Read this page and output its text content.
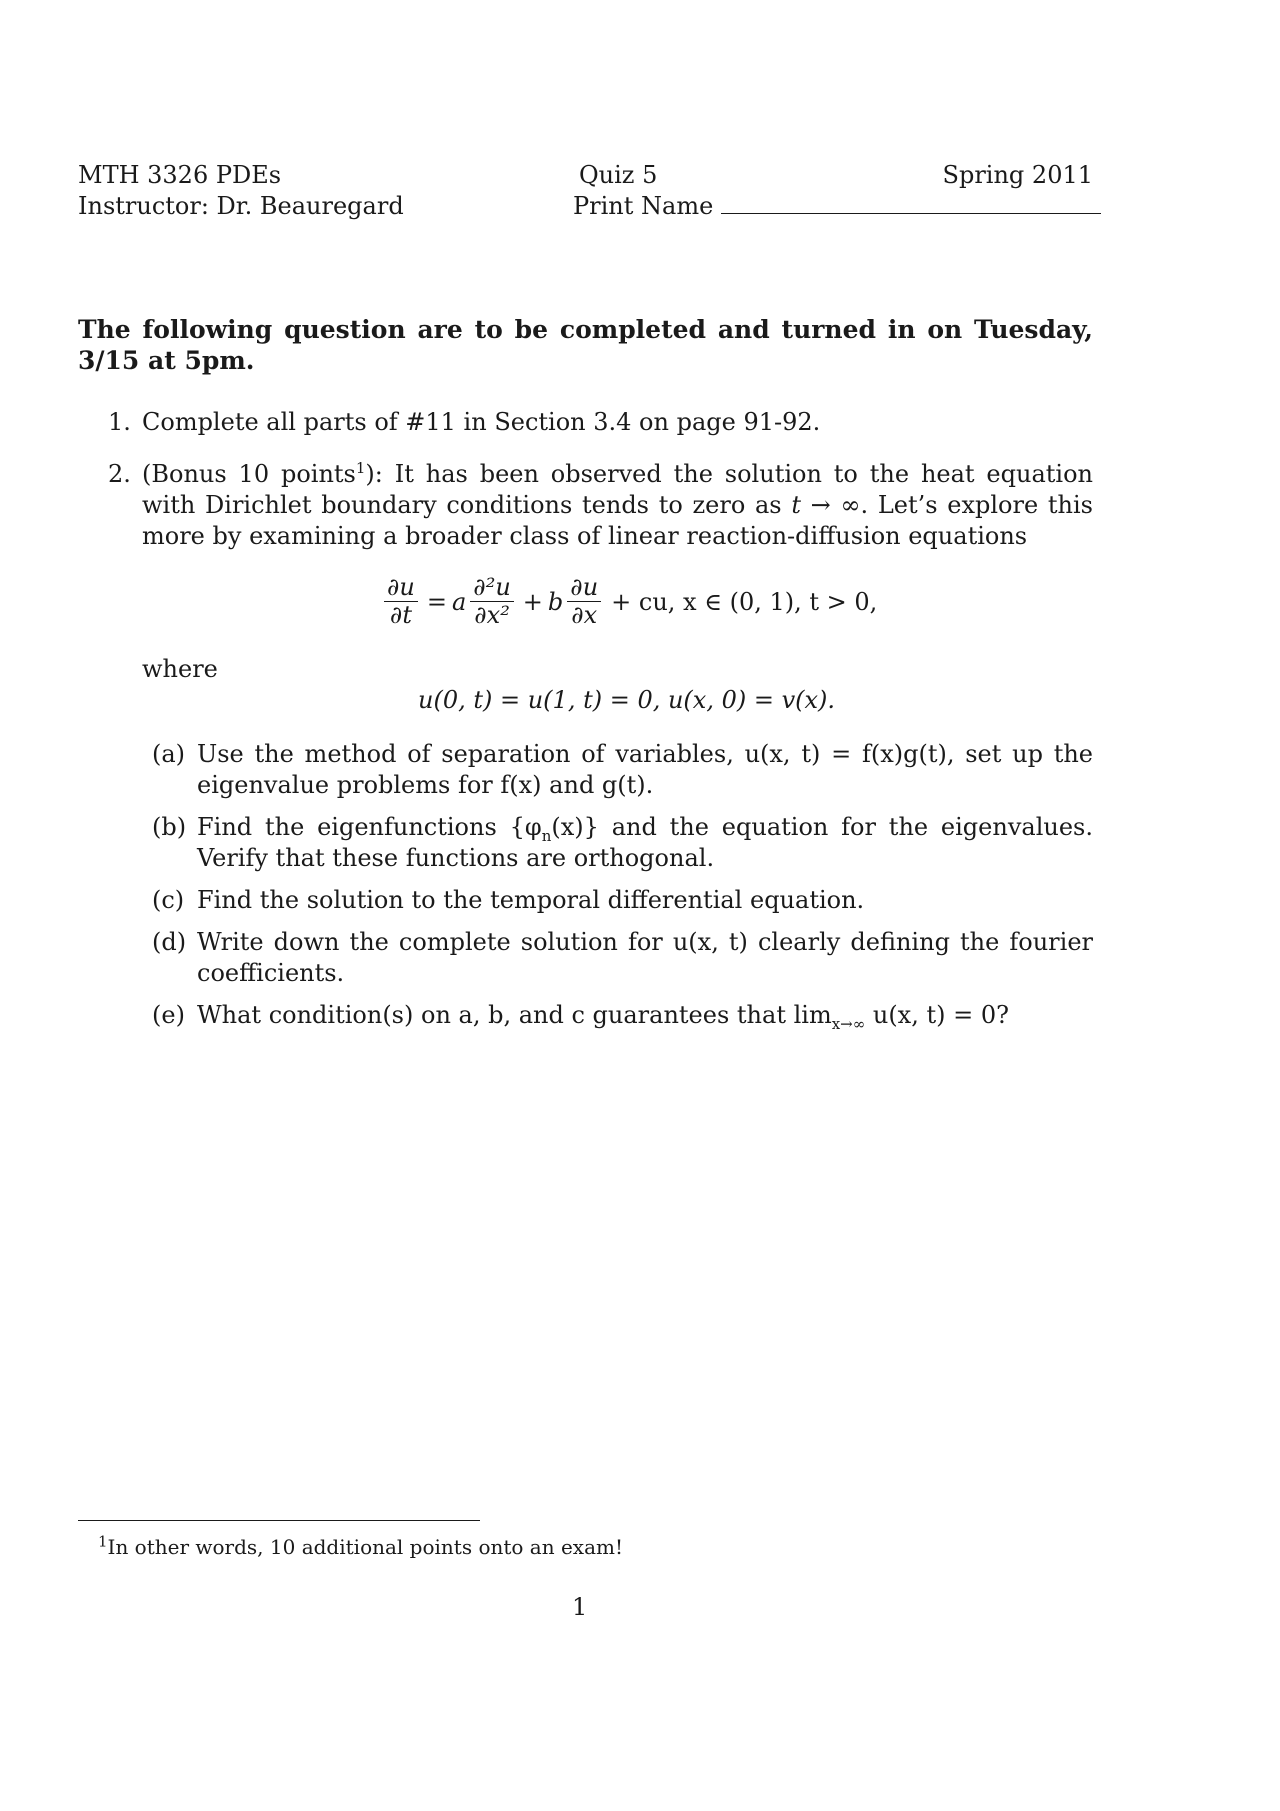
MTH 3326 PDEs
Instructor: Dr. Beauregard
Quiz 5
Print Name
Spring 2011
The following question are to be completed and turned in on Tuesday, 3/15 at 5pm.
1. Complete all parts of #11 in Section 3.4 on page 91-92.
2. (Bonus 10 points$^1$): It has been observed the solution to the heat equation with Dirichlet boundary conditions tends to zero as t → ∞. Let’s explore this more by examining a broader class of linear reaction-diffusion equations
$\frac{\partial u}{\partial t} = a \frac{\text{∂²u}}{\text{∂x²}} + b \frac{\partial u}{\partial x}$ + cu, x ∈ (0, 1), t > 0,
where
u(0, t) = u(1, t) = 0, u(x, 0) = v(x).
(a) Use the method of separation of variables, u(x, t) = f(x)g(t), set up the eigenvalue problems for f(x) and g(t).
(b) Find the eigenfunctions $\{\varphi_n(x)\}$ and the equation for the eigenvalues. Verify that these functions are orthogonal.
(c) Find the solution to the temporal differential equation.
(d) Write down the complete solution for u(x, t) clearly defining the fourier coefficients.
(e) What condition(s) on a, b, and c guarantees that $\lim_{x\to\infty} u(x$, t) = 0?
$^1$In other words, 10 additional points onto an exam!
1
